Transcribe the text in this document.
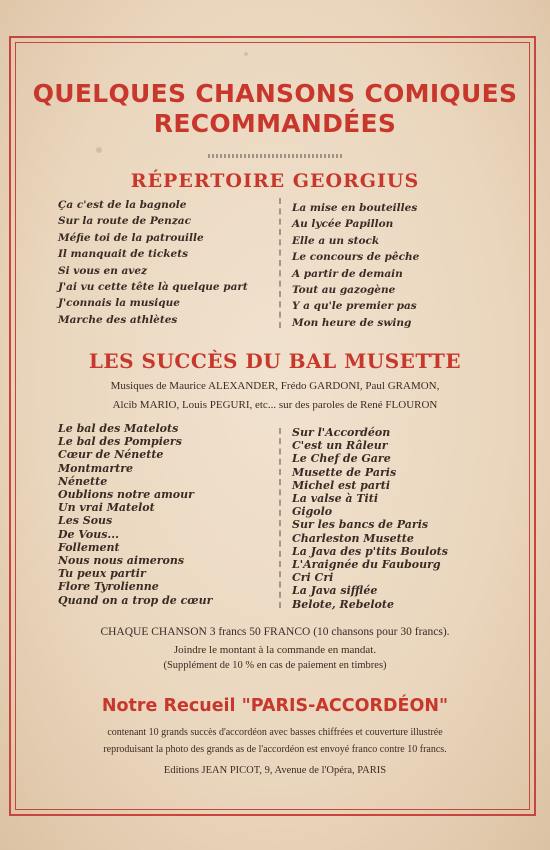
QUELQUES CHANSONS COMIQUES
RECOMMANDÉES
RÉPERTOIRE GEORGIUS
Ça c'est de la bagnole
Sur la route de Penzac
Méfie toi de la patrouille
Il manquait de tickets
Si vous en avez
J'ai vu cette tête là quelque part
J'connais la musique
Marche des athlètes
La mise en bouteilles
Au lycée Papillon
Elle a un stock
Le concours de pêche
A partir de demain
Tout au gazogène
Y a qu'le premier pas
Mon heure de swing
LES SUCCÈS DU BAL MUSETTE
Musiques de Maurice ALEXANDER, Frédo GARDONI, Paul GRAMON,
Alcib MARIO, Louis PEGURI, etc... sur des paroles de René FLOURON
Le bal des Matelots
Le bal des Pompiers
Cœur de Nénette
Montmartre
Nénette
Oublions notre amour
Un vrai Matelot
Les Sous
De Vous...
Follement
Nous nous aimerons
Tu peux partir
Flore Tyrolienne
Quand on a trop de cœur
Sur l'Accordéon
C'est un Râleur
Le Chef de Gare
Musette de Paris
Michel est parti
La valse à Titi
Gigolo
Sur les bancs de Paris
Charleston Musette
La Java des p'tits Boulots
L'Araignée du Faubourg
Cri Cri
La Java sifflée
Belote, Rebelote
CHAQUE CHANSON 3 francs 50 FRANCO (10 chansons pour 30 francs).
Joindre le montant à la commande en mandat.
(Supplément de 10 % en cas de paiement en timbres)
Notre Recueil "PARIS-ACCORDÉON"
contenant 10 grands succès d'accordéon avec basses chiffrées et couverture illustrée
reproduisant la photo des grands as de l'accordéon est envoyé franco contre 10 francs.
Editions JEAN PICOT, 9, Avenue de l'Opéra, PARIS
